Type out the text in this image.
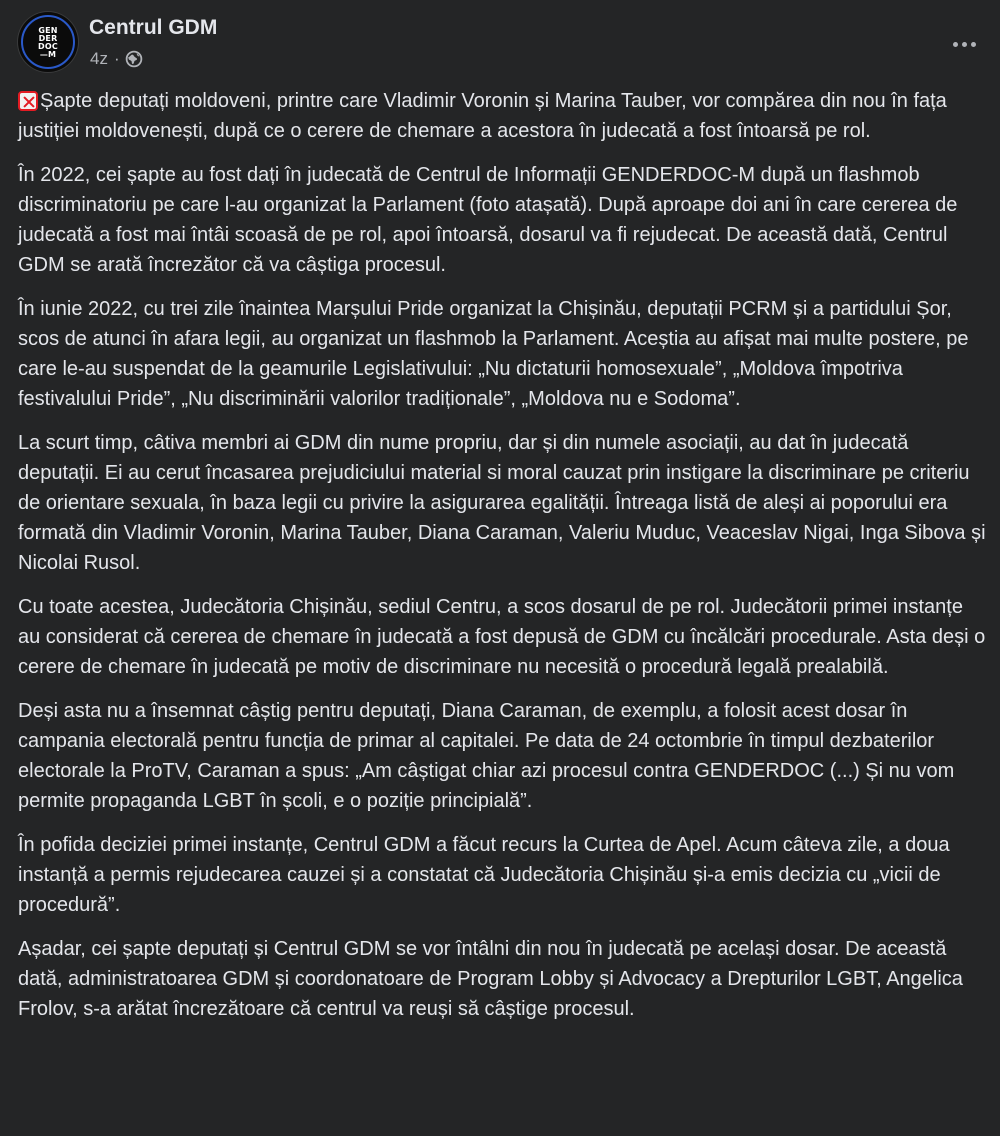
GEN
DER
DOC
—M
Centrul GDM
4z ·

Șapte deputați moldoveni, printre care Vladimir Voronin și Marina Tauber, vor compărea din nou în fața justiției moldovenești, după ce o cerere de chemare a acestora în judecată a fost întoarsă pe rol.

În 2022, cei șapte au fost dați în judecată de Centrul de Informații GENDERDOC-M după un flashmob discriminatoriu pe care l-au organizat la Parlament (foto atașată). După aproape doi ani în care cererea de judecată a fost mai întâi scoasă de pe rol, apoi întoarsă, dosarul va fi rejudecat. De această dată, Centrul GDM se arată încrezător că va câștiga procesul.

În iunie 2022, cu trei zile înaintea Marșului Pride organizat la Chișinău, deputații PCRM și a partidului Șor, scos de atunci în afara legii, au organizat un flashmob la Parlament. Aceștia au afișat mai multe postere, pe care le-au suspendat de la geamurile Legislativului: „Nu dictaturii homosexuale”, „Moldova împotriva festivalului Pride”, „Nu discriminării valorilor tradiționale”, „Moldova nu e Sodoma”.

La scurt timp, câtiva membri ai GDM din nume propriu, dar și din numele asociații, au dat în judecată deputații. Ei au cerut încasarea prejudiciului material si moral cauzat prin instigare la discriminare pe criteriu de orientare sexuala, în baza legii cu privire la asigurarea egalității. Întreaga listă de aleși ai poporului era formată din Vladimir Voronin, Marina Tauber, Diana Caraman, Valeriu Muduc, Veaceslav Nigai, Inga Sibova și Nicolai Rusol.

Cu toate acestea, Judecătoria Chișinău, sediul Centru, a scos dosarul de pe rol. Judecătorii primei instanțe au considerat că cererea de chemare în judecată a fost depusă de GDM cu încălcări procedurale. Asta deși o cerere de chemare în judecată pe motiv de discriminare nu necesită o procedură legală prealabilă.

Deși asta nu a însemnat câștig pentru deputați, Diana Caraman, de exemplu, a folosit acest dosar în campania electorală pentru funcția de primar al capitalei. Pe data de 24 octombrie în timpul dezbaterilor electorale la ProTV, Caraman a spus: „Am câștigat chiar azi procesul contra GENDERDOC (...) Și nu vom permite propaganda LGBT în școli, e o poziție principială”.

În pofida deciziei primei instanțe, Centrul GDM a făcut recurs la Curtea de Apel. Acum câteva zile, a doua instanță a permis rejudecarea cauzei și a constatat că Judecătoria Chișinău și-a emis decizia cu „vicii de procedură”.

Așadar, cei șapte deputați și Centrul GDM se vor întâlni din nou în judecată pe același dosar. De această dată, administratoarea GDM și coordonatoare de Program Lobby și Advocacy a Drepturilor LGBT, Angelica Frolov, s-a arătat încrezătoare că centrul va reuși să câștige procesul.
